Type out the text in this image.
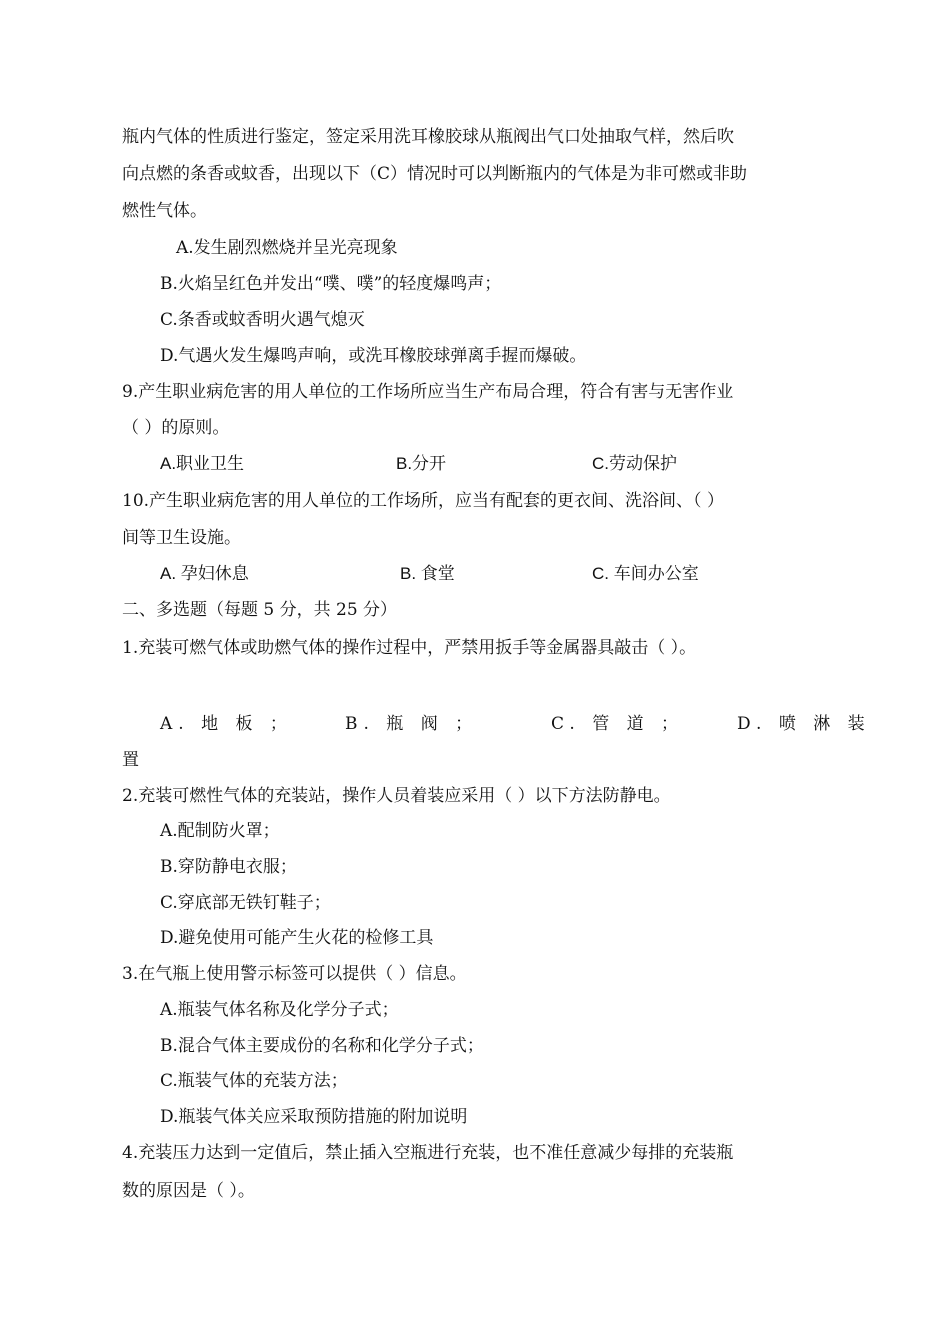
瓶内气体的性质进行鉴定，签定采用洗耳橡胶球从瓶阀出气口处抽取气样，然后吹
向点燃的条香或蚊香，出现以下（C）情况时可以判断瓶内的气体是为非可燃或非助
燃性气体。
A.发生剧烈燃烧并呈光亮现象
B.火焰呈红色并发出“噗、噗”的轻度爆鸣声；
C.条香或蚊香明火遇气熄灭
D.气遇火发生爆鸣声响，或洗耳橡胶球弹离手握而爆破。
9.产生职业病危害的用人单位的工作场所应当生产布局合理，符合有害与无害作业
（ ）的原则。
A.职业卫生	B.分开	C.劳动保护
10.产生职业病危害的用人单位的工作场所，应当有配套的更衣间、洗浴间、（ ）
间等卫生设施。
A. 孕妇休息	B. 食堂	C. 车间办公室
二、多选题（每题 5 分，共 25 分）
1.充装可燃气体或助燃气体的操作过程中，严禁用扳手等金属器具敲击（ ）。
A. 地 板 ；	B. 瓶 阀 ；	C. 管 道 ；	D. 喷 淋 装
置
2.充装可燃性气体的充装站，操作人员着装应采用（ ）以下方法防静电。
A.配制防火罩；
B.穿防静电衣服；
C.穿底部无铁钉鞋子；
D.避免使用可能产生火花的检修工具
3.在气瓶上使用警示标签可以提供（ ）信息。
A.瓶装气体名称及化学分子式；
B.混合气体主要成份的名称和化学分子式；
C.瓶装气体的充装方法；
D.瓶装气体关应采取预防措施的附加说明
4.充装压力达到一定值后，禁止插入空瓶进行充装，也不准任意减少每排的充装瓶
数的原因是（ ）。
